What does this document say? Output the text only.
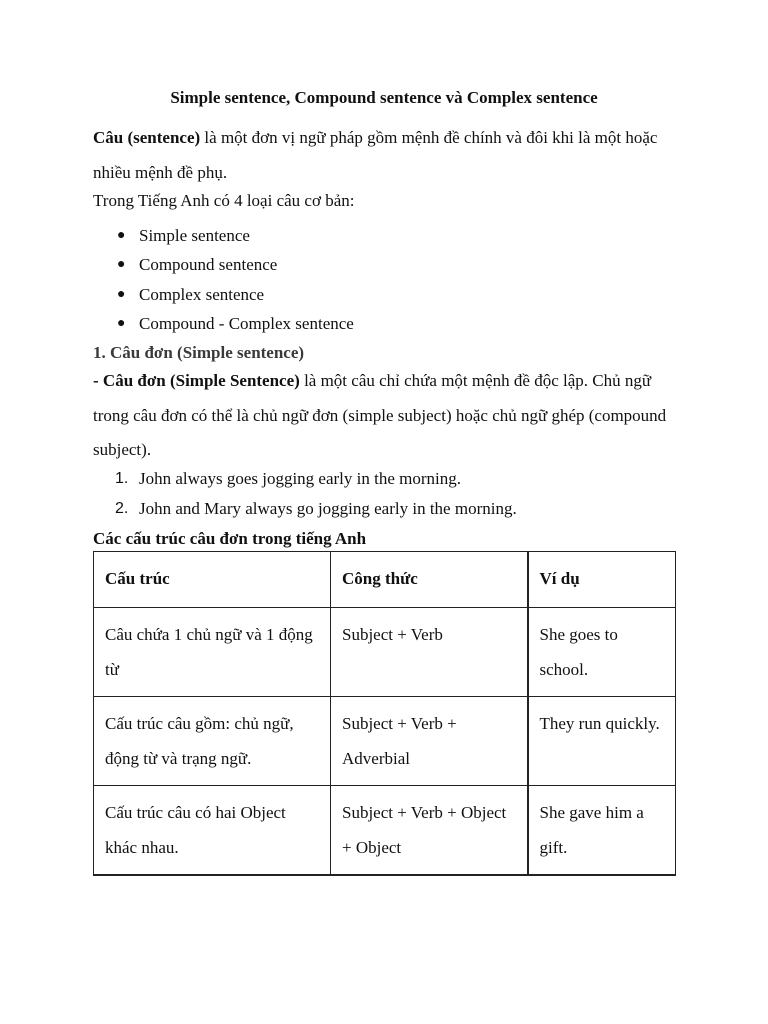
Simple sentence, Compound sentence và Complex sentence

Câu (sentence) là một đơn vị ngữ pháp gồm mệnh đề chính và đôi khi là một hoặc nhiều mệnh đề phụ.

Trong Tiếng Anh có 4 loại câu cơ bản:

● Simple sentence
● Compound sentence
● Complex sentence
● Compound - Complex sentence
1. Câu đơn (Simple sentence)

- Câu đơn (Simple Sentence) là một câu chỉ chứa một mệnh đề độc lập. Chủ ngữ trong câu đơn có thể là chủ ngữ đơn (simple subject) hoặc chủ ngữ ghép (compound subject).

1. John always goes jogging early in the morning.
2. John and Mary always go jogging early in the morning.
Các cấu trúc câu đơn trong tiếng Anh
Cấu trúc	Công thức	Ví dụ
Câu chứa 1 chủ ngữ và 1 động từ	Subject + Verb	She goes to school.
Cấu trúc câu gồm: chủ ngữ, động từ và trạng ngữ.	Subject + Verb + Adverbial	They run quickly.
Cấu trúc câu có hai Object khác nhau.	Subject + Verb + Object + Object	She gave him a gift.
